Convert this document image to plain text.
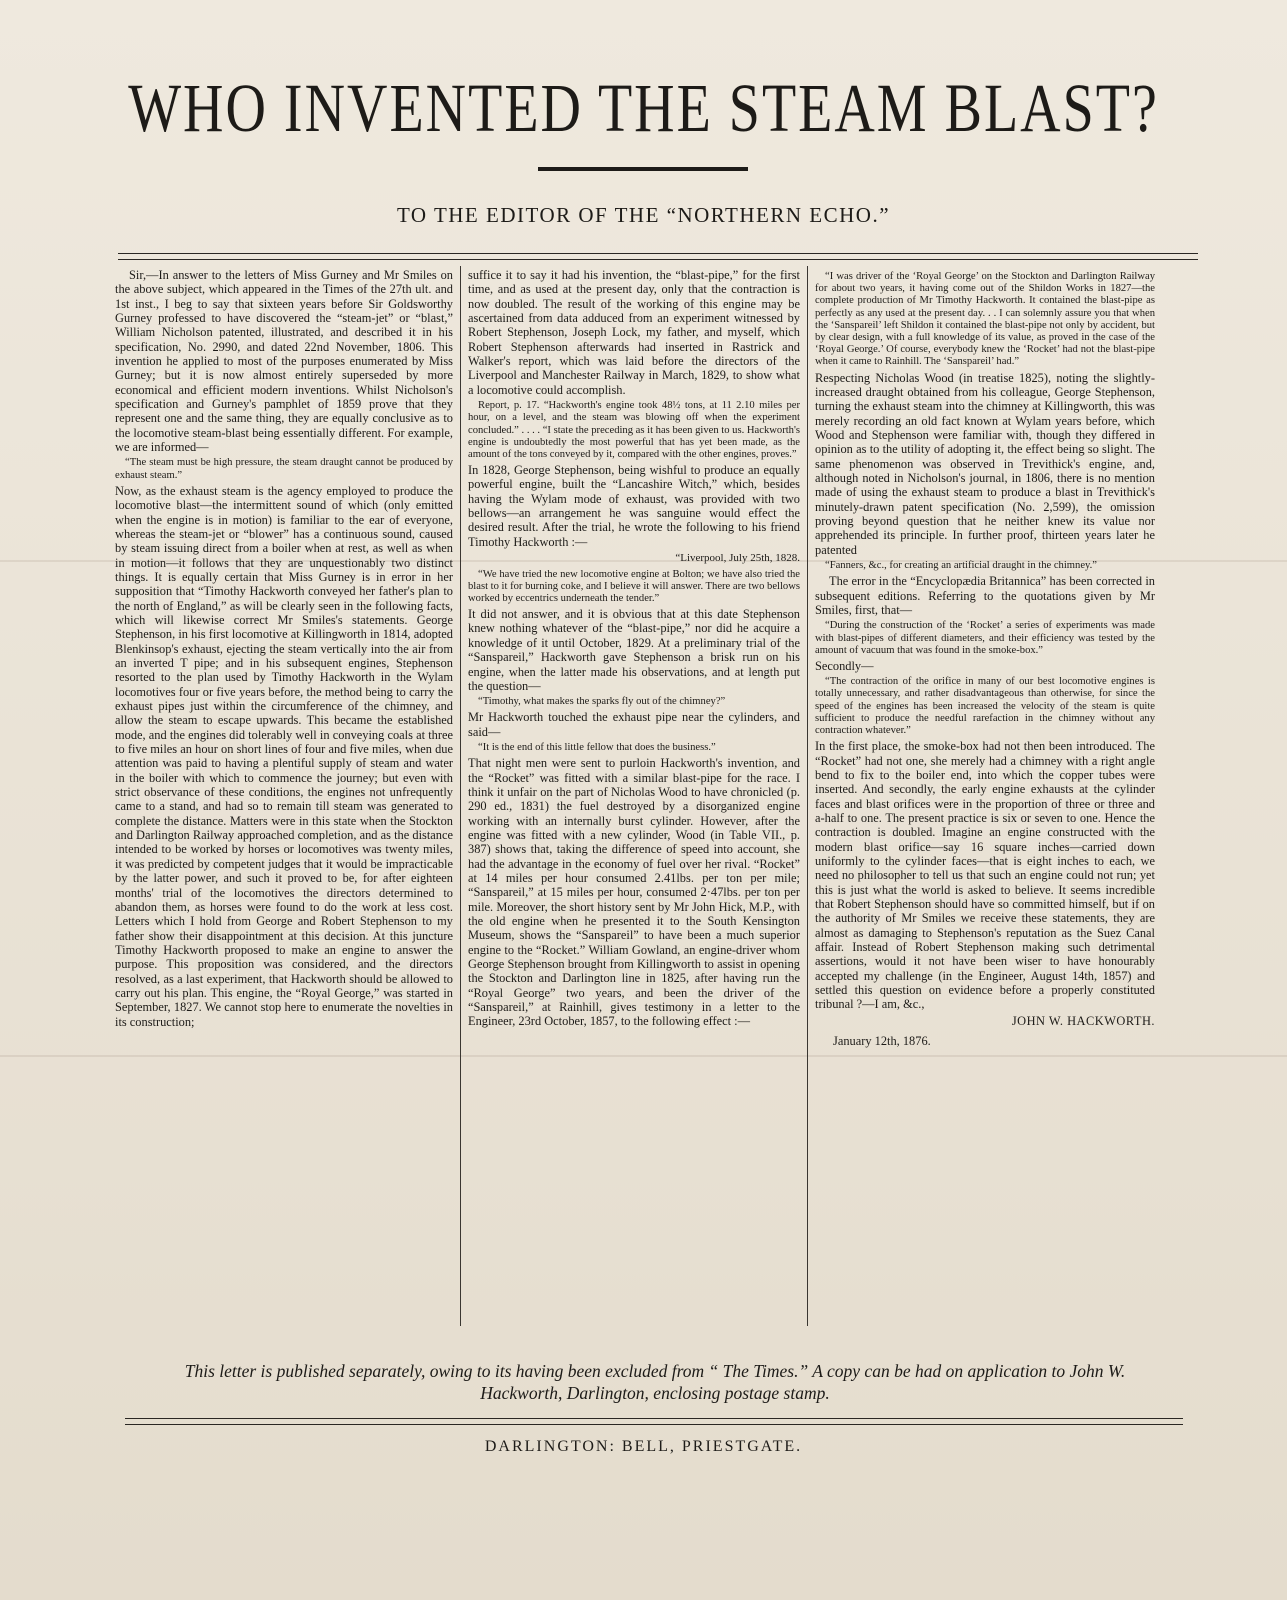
WHO INVENTED THE STEAM BLAST?
TO THE EDITOR OF THE “NORTHERN ECHO.”

Sir,—In answer to the letters of Miss Gurney and Mr Smiles on the above subject, which appeared in the Times of the 27th ult. and 1st inst., I beg to say that sixteen years before Sir Goldsworthy Gurney professed to have discovered the “steam-jet” or “blast,” William Nicholson patented, illustrated, and described it in his specification, No. 2990, and dated 22nd November, 1806. This invention he applied to most of the purposes enumerated by Miss Gurney; but it is now almost entirely superseded by more economical and efficient modern inventions. Whilst Nicholson's specification and Gurney's pamphlet of 1859 prove that they represent one and the same thing, they are equally conclusive as to the locomotive steam-blast being essentially different. For example, we are informed—

“The steam must be high pressure, the steam draught cannot be produced by exhaust steam.”

Now, as the exhaust steam is the agency employed to produce the locomotive blast—the intermittent sound of which (only emitted when the engine is in motion) is familiar to the ear of everyone, whereas the steam-jet or “blower” has a continuous sound, caused by steam issuing direct from a boiler when at rest, as well as when in motion—it follows that they are unquestionably two distinct things. It is equally certain that Miss Gurney is in error in her supposition that “Timothy Hackworth conveyed her father's plan to the north of England,” as will be clearly seen in the following facts, which will likewise correct Mr Smiles's statements. George Stephenson, in his first locomotive at Killingworth in 1814, adopted Blenkinsop's exhaust, ejecting the steam vertically into the air from an inverted T pipe; and in his subsequent engines, Stephenson resorted to the plan used by Timothy Hackworth in the Wylam locomotives four or five years before, the method being to carry the exhaust pipes just within the circumference of the chimney, and allow the steam to escape upwards. This became the established mode, and the engines did tolerably well in conveying coals at three to five miles an hour on short lines of four and five miles, when due attention was paid to having a plentiful supply of steam and water in the boiler with which to commence the journey; but even with strict observance of these conditions, the engines not unfrequently came to a stand, and had so to remain till steam was generated to complete the distance. Matters were in this state when the Stockton and Darlington Railway approached completion, and as the distance intended to be worked by horses or locomotives was twenty miles, it was predicted by competent judges that it would be impracticable by the latter power, and such it proved to be, for after eighteen months' trial of the locomotives the directors determined to abandon them, as horses were found to do the work at less cost. Letters which I hold from George and Robert Stephenson to my father show their disappointment at this decision. At this juncture Timothy Hackworth proposed to make an engine to answer the purpose. This proposition was considered, and the directors resolved, as a last experiment, that Hackworth should be allowed to carry out his plan. This engine, the “Royal George,” was started in September, 1827. We cannot stop here to enumerate the novelties in its construction;

suffice it to say it had his invention, the “blast-pipe,” for the first time, and as used at the present day, only that the contraction is now doubled. The result of the working of this engine may be ascertained from data adduced from an experiment witnessed by Robert Stephenson, Joseph Lock, my father, and myself, which Robert Stephenson afterwards had inserted in Rastrick and Walker's report, which was laid before the directors of the Liverpool and Manchester Railway in March, 1829, to show what a locomotive could accomplish.

Report, p. 17. “Hackworth's engine took 48½ tons, at 11 2.10 miles per hour, on a level, and the steam was blowing off when the experiment concluded.” . . . . “I state the preceding as it has been given to us. Hackworth's engine is undoubtedly the most powerful that has yet been made, as the amount of the tons conveyed by it, compared with the other engines, proves.”

In 1828, George Stephenson, being wishful to produce an equally powerful engine, built the “Lancashire Witch,” which, besides having the Wylam mode of exhaust, was provided with two bellows—an arrangement he was sanguine would effect the desired result. After the trial, he wrote the following to his friend Timothy Hackworth :—

“Liverpool, July 25th, 1828.

“We have tried the new locomotive engine at Bolton; we have also tried the blast to it for burning coke, and I believe it will answer. There are two bellows worked by eccentrics underneath the tender.”

It did not answer, and it is obvious that at this date Stephenson knew nothing whatever of the “blast-pipe,” nor did he acquire a knowledge of it until October, 1829. At a preliminary trial of the “Sanspareil,” Hackworth gave Stephenson a brisk run on his engine, when the latter made his observations, and at length put the question—

“Timothy, what makes the sparks fly out of the chimney?”

Mr Hackworth touched the exhaust pipe near the cylinders, and said—

“It is the end of this little fellow that does the business.”

That night men were sent to purloin Hackworth's invention, and the “Rocket” was fitted with a similar blast-pipe for the race. I think it unfair on the part of Nicholas Wood to have chronicled (p. 290 ed., 1831) the fuel destroyed by a disorganized engine working with an internally burst cylinder. However, after the engine was fitted with a new cylinder, Wood (in Table VII., p. 387) shows that, taking the difference of speed into account, she had the advantage in the economy of fuel over her rival. “Rocket” at 14 miles per hour consumed 2.41lbs. per ton per mile; “Sanspareil,” at 15 miles per hour, consumed 2·47lbs. per ton per mile. Moreover, the short history sent by Mr John Hick, M.P., with the old engine when he presented it to the South Kensington Museum, shows the “Sanspareil” to have been a much superior engine to the “Rocket.” William Gowland, an engine-driver whom George Stephenson brought from Killingworth to assist in opening the Stockton and Darlington line in 1825, after having run the “Royal George” two years, and been the driver of the “Sanspareil,” at Rainhill, gives testimony in a letter to the Engineer, 23rd October, 1857, to the following effect :—

“I was driver of the ‘Royal George’ on the Stockton and Darlington Railway for about two years, it having come out of the Shildon Works in 1827—the complete production of Mr Timothy Hackworth. It contained the blast-pipe as perfectly as any used at the present day. . . I can solemnly assure you that when the ‘Sanspareil’ left Shildon it contained the blast-pipe not only by accident, but by clear design, with a full knowledge of its value, as proved in the case of the ‘Royal George.’ Of course, everybody knew the ‘Rocket’ had not the blast-pipe when it came to Rainhill. The ‘Sanspareil’ had.”

Respecting Nicholas Wood (in treatise 1825), noting the slightly-increased draught obtained from his colleague, George Stephenson, turning the exhaust steam into the chimney at Killingworth, this was merely recording an old fact known at Wylam years before, which Wood and Stephenson were familiar with, though they differed in opinion as to the utility of adopting it, the effect being so slight. The same phenomenon was observed in Trevithick's engine, and, although noted in Nicholson's journal, in 1806, there is no mention made of using the exhaust steam to produce a blast in Trevithick's minutely-drawn patent specification (No. 2,599), the omission proving beyond question that he neither knew its value nor apprehended its principle. In further proof, thirteen years later he patented

“Fanners, &c., for creating an artificial draught in the chimney.”

The error in the “Encyclopædia Britannica” has been corrected in subsequent editions. Referring to the quotations given by Mr Smiles, first, that—

“During the construction of the ‘Rocket’ a series of experiments was made with blast-pipes of different diameters, and their efficiency was tested by the amount of vacuum that was found in the smoke-box.”

Secondly—

“The contraction of the orifice in many of our best locomotive engines is totally unnecessary, and rather disadvantageous than otherwise, for since the speed of the engines has been increased the velocity of the steam is quite sufficient to produce the needful rarefaction in the chimney without any contraction whatever.”

In the first place, the smoke-box had not then been introduced. The “Rocket” had not one, she merely had a chimney with a right angle bend to fix to the boiler end, into which the copper tubes were inserted. And secondly, the early engine exhausts at the cylinder faces and blast orifices were in the proportion of three or three and a-half to one. The present practice is six or seven to one. Hence the contraction is doubled. Imagine an engine constructed with the modern blast orifice—say 16 square inches—carried down uniformly to the cylinder faces—that is eight inches to each, we need no philosopher to tell us that such an engine could not run; yet this is just what the world is asked to believe. It seems incredible that Robert Stephenson should have so committed himself, but if on the authority of Mr Smiles we receive these statements, they are almost as damaging to Stephenson's reputation as the Suez Canal affair. Instead of Robert Stephenson making such detrimental assertions, would it not have been wiser to have honourably accepted my challenge (in the Engineer, August 14th, 1857) and settled this question on evidence before a properly constituted tribunal ?—I am, &c.,

JOHN W. HACKWORTH.

January 12th, 1876.

This letter is published separately, owing to its having been excluded from “ The Times.” A copy can be had on application to John W. Hackworth, Darlington, enclosing postage stamp.
DARLINGTON: BELL, PRIESTGATE.
